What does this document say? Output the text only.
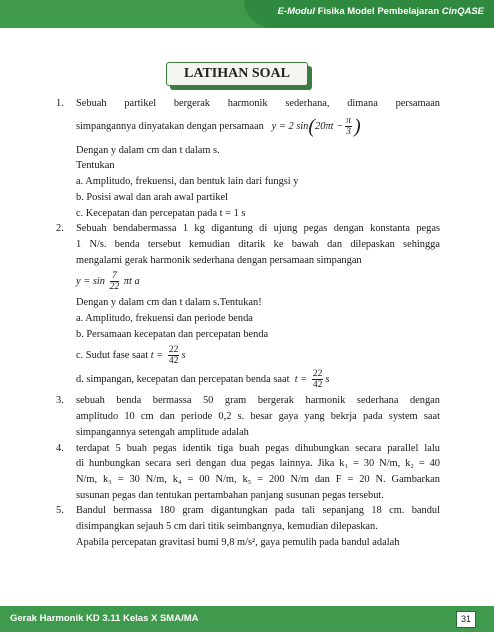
E-Modul Fisika Model Pembelajaran CinQASE
LATIHAN SOAL
1. Sebuah partikel bergerak harmonik sederhana, dimana persamaan
simpangannya dinyatakan dengan persamaan y = 2 $\sin(20\pi t - \frac{\pi}{3}$ )
Dengan y dalam cm dan t dalam s.
Tentukan
a. Amplitudo, frekuensi, dan bentuk lain dari fungsi y
b. Posisi awal dan arah awal partikel
c. Kecepatan dan percepatan pada t = 1 s
2. Sebuah bendabermassa 1 kg digantung di ujung pegas dengan konstanta pegas
1 N/s. benda tersebut kemudian ditarik ke bawah dan dilepaskan sehingga
mengalami gerak harmonik sederhana dengan persamaan simpangan
$y = \sin \frac{7}{22}$ πt a
Dengan y dalam cm dan t dalam s.Tentukan!
a. Amplitudo, frekuensi dan periode benda
b. Persamaan kecepatan dan percepatan benda
c. Sudut fase saat $t = \frac{22}{42}$ s
d. simpangan, kecepatan dan percepatan benda saat $t = \frac{22}{42}$ s
3. sebuah benda bermassa 50 gram bergerak harmonik sederhana dengan
amplitudo 10 cm dan periode 0,2 s. besar gaya yang bekrja pada system saat
simpangannya setengah amplitude adalah
4. terdapat 5 buah pegas identik tiga buah pegas dihubungkan secara parallel lalu
di hunbungkan secara seri dengan dua pegas lainnya. Jika k₁ = 30 N/m, k₂ = 40
N/m, k₃ = 30 N/m, k₄ = 00 N/m, k₅ = 200 N/m dan F = 20 N. Gambarkan
susunan pegas dan tentukan pertambahan panjang susunan pegas tersebut.
5. Bandul bermassa 180 gram digantungkan pada tali sepanjang 18 cm. bandul
disimpangkan sejauh 5 cm dari titik seimbangnya, kemudian dilepaskan.
Apabila percepatan gravitasi bumi 9,8 m/s², gaya pemulih pada bandul adalah
Gerak Harmonik KD 3.11 Kelas X SMA/MA	31
